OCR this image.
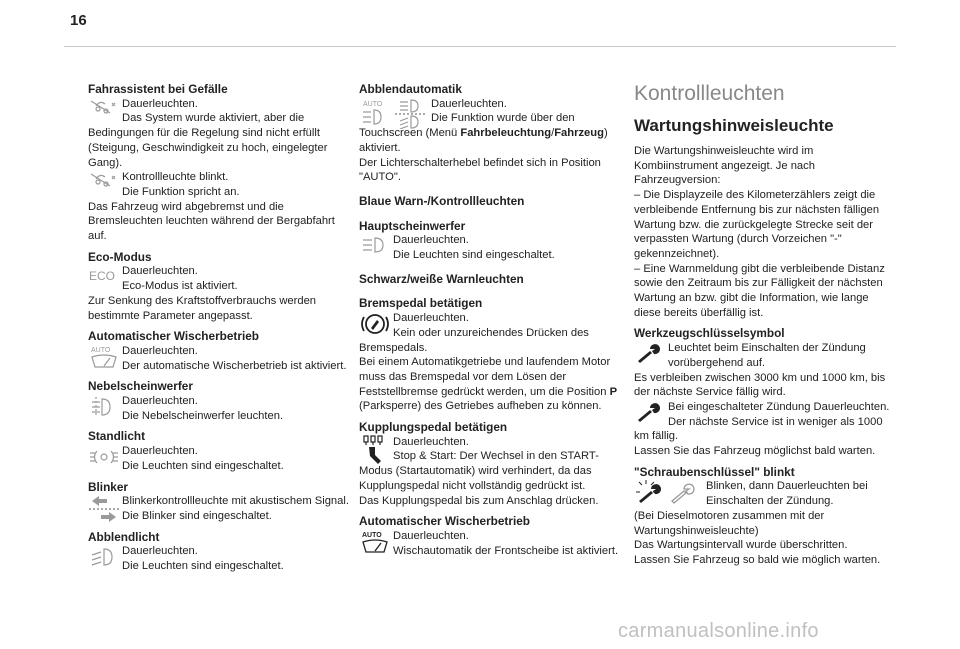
16
Fahrassistent bei Gefälle
Dauerleuchten.
Das System wurde aktiviert, aber die Bedingungen für die Regelung sind nicht erfüllt (Steigung, Geschwindigkeit zu hoch, eingelegter Gang).
Kontrollleuchte blinkt.
Die Funktion spricht an.
Das Fahrzeug wird abgebremst und die Bremsleuchten leuchten während der Bergabfahrt auf.
Eco-Modus
ECO Dauerleuchten.
Eco-Modus ist aktiviert.
Zur Senkung des Kraftstoffverbrauchs werden bestimmte Parameter angepasst.
Automatischer Wischerbetrieb
AUTO	Dauerleuchten.
Der automatische Wischerbetrieb ist aktiviert.
Nebelscheinwerfer
Dauerleuchten.
Die Nebelscheinwerfer leuchten.
Standlicht
Dauerleuchten.
Die Leuchten sind eingeschaltet.
Blinker
Blinkerkontrollleuchte mit akustischem Signal.
Die Blinker sind eingeschaltet.
Abblendlicht
Dauerleuchten.
Die Leuchten sind eingeschaltet.
Abblendautomatik
AUTO	Dauerleuchten.
Die Funktion wurde über den Touchscreen (Menü Fahrbeleuchtung/Fahrzeug) aktiviert.
Der Lichterschalterhebel befindet sich in Position "AUTO".
Blaue Warn-/Kontrollleuchten
Hauptscheinwerfer
Dauerleuchten.
Die Leuchten sind eingeschaltet.
Schwarz/weiße Warnleuchten
Bremspedal betätigen
Dauerleuchten.
Kein oder unzureichendes Drücken des Bremspedals.
Bei einem Automatikgetriebe und laufendem Motor muss das Bremspedal vor dem Lösen der Feststellbremse gedrückt werden, um die Position P (Parksperre) des Getriebes aufheben zu können.
Kupplungspedal betätigen
Dauerleuchten.
Stop & Start: Der Wechsel in den START-Modus (Startautomatik) wird verhindert, da das Kupplungspedal nicht vollständig gedrückt ist.
Das Kupplungspedal bis zum Anschlag drücken.
Automatischer Wischerbetrieb
AUTO	Dauerleuchten.
Wischautomatik der Frontscheibe ist aktiviert.
Kontrollleuchten
Wartungshinweisleuchte
Die Wartungshinweisleuchte wird im Kombiinstrument angezeigt. Je nach Fahrzeugversion:
– Die Displayzeile des Kilometerzählers zeigt die verbleibende Entfernung bis zur nächsten fälligen Wartung bzw. die zurückgelegte Strecke seit der verpassten Wartung (durch Vorzeichen "-" gekennzeichnet).
– Eine Warnmeldung gibt die verbleibende Distanz sowie den Zeitraum bis zur Fälligkeit der nächsten Wartung an bzw. gibt die Information, wie lange diese bereits überfällig ist.
Werkzeugschlüsselsymbol
Leuchtet beim Einschalten der Zündung vorübergehend auf.
Es verbleiben zwischen 3000 km und 1000 km, bis der nächste Service fällig wird.
Bei eingeschalteter Zündung Dauerleuchten.
Der nächste Service ist in weniger als 1000 km fällig.
Lassen Sie das Fahrzeug möglichst bald warten.
"Schraubenschlüssel" blinkt
Blinken, dann Dauerleuchten bei Einschalten der Zündung.
(Bei Dieselmotoren zusammen mit der Wartungshinweisleuchte)
Das Wartungsintervall wurde überschritten.
Lassen Sie Fahrzeug so bald wie möglich warten.
carmanualsonline.info
